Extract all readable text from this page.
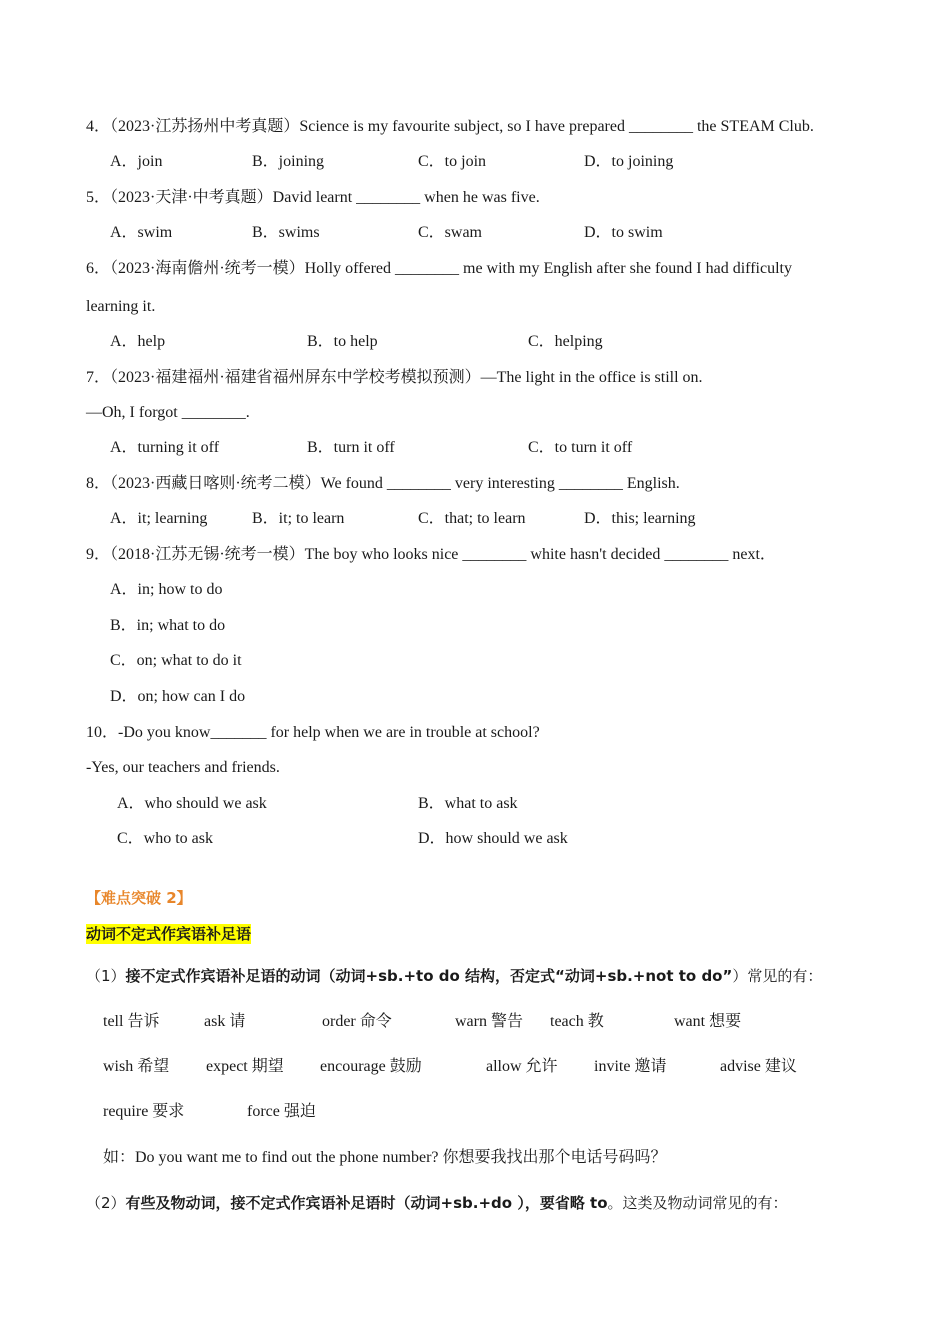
4．（2023·江苏扬州中考真题）Science is my favourite subject, so I have prepared ________ the STEAM Club.
A．join	B．joining	C．to join	D．to joining
5．（2023·天津·中考真题）David learnt ________ when he was five.
A．swim	B．swims	C．swam	D．to swim
6．（2023·海南儋州·统考一模）Holly offered ________ me with my English after she found I had difficulty
learning it.
A．help	B．to help	C．helping
7．（2023·福建福州·福建省福州屏东中学校考模拟预测）—The light in the office is still on.
—Oh, I forgot ________.
A．turning it off	B．turn it off	C．to turn it off
8．（2023·西藏日喀则·统考二模）We found ________ very interesting ________ English.
A．it; learning	B．it; to learn	C．that; to learn	D．this; learning
9．（2018·江苏无锡·统考一模）The boy who looks nice ________ white hasn't decided ________ next．
A．in; how to do
B．in; what to do
C．on; what to do it
D．on; how can I do
10．-Do you know_______ for help when we are in trouble at school?
-Yes, our teachers and friends.
A．who should we ask	B．what to ask
C．who to ask	D．how should we ask
【难点突破 2】
动词不定式作宾语补足语
（1）接不定式作宾语补足语的动词（动词+sb.+to do 结构，否定式“动词+sb.+not to do”）常见的有：
tell 告诉	ask 请	order 命令	warn 警告 teach 教	want 想要
wish 希望 expect 期望 encourage 鼓励	allow 允许 invite 邀请	advise 建议
require 要求	force 强迫
如：Do you want me to find out the phone number? 你想要我找出那个电话号码吗？
（2）有些及物动词，接不定式作宾语补足语时（动词+sb.+do ），要省略 to。这类及物动词常见的有：
